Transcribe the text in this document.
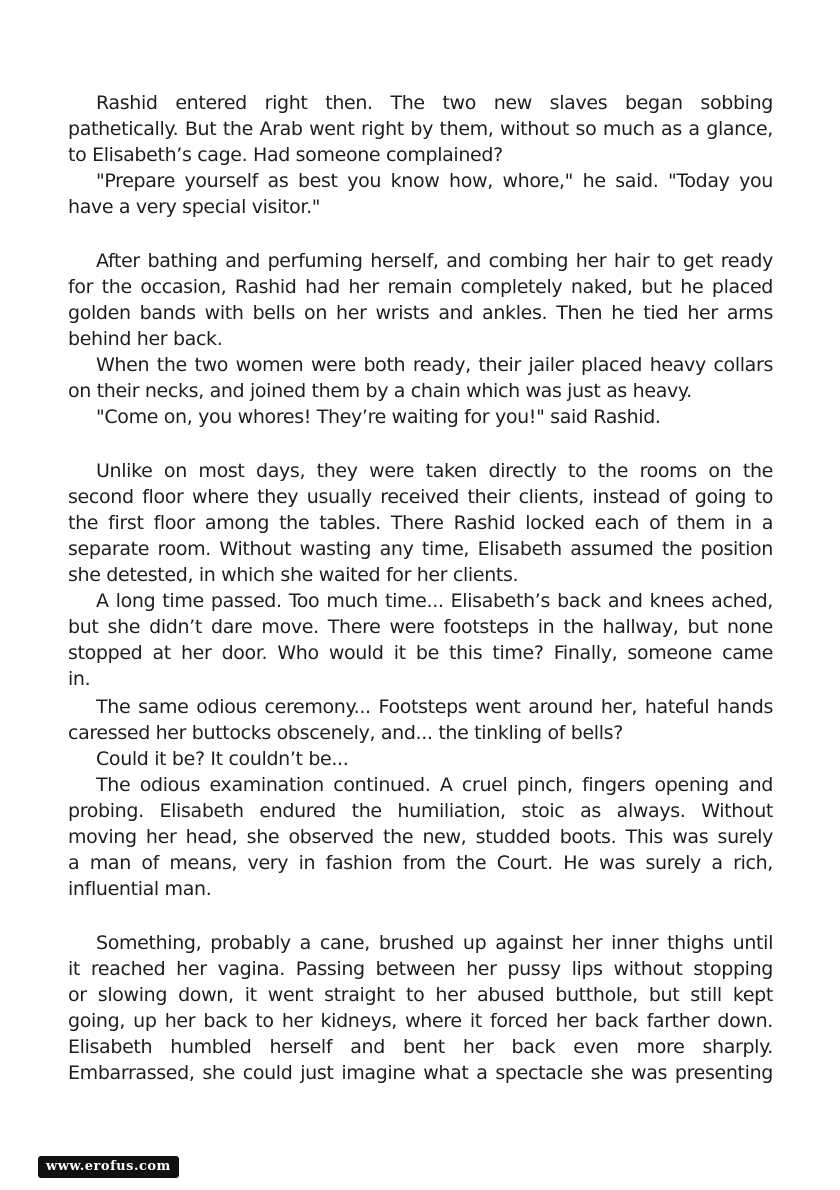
Rashid entered right then. The two new slaves began sobbing
pathetically. But the Arab went right by them, without so much as a glance,
to Elisabeth’s cage. Had someone complained?
"Prepare yourself as best you know how, whore," he said. "Today you
have a very special visitor."
After bathing and perfuming herself, and combing her hair to get ready
for the occasion, Rashid had her remain completely naked, but he placed
golden bands with bells on her wrists and ankles. Then he tied her arms
behind her back.
When the two women were both ready, their jailer placed heavy collars
on their necks, and joined them by a chain which was just as heavy.
"Come on, you whores! They’re waiting for you!" said Rashid.
Unlike on most days, they were taken directly to the rooms on the
second floor where they usually received their clients, instead of going to
the first floor among the tables. There Rashid locked each of them in a
separate room. Without wasting any time, Elisabeth assumed the position
she detested, in which she waited for her clients.
A long time passed. Too much time... Elisabeth’s back and knees ached,
but she didn’t dare move. There were footsteps in the hallway, but none
stopped at her door. Who would it be this time? Finally, someone came
in.
The same odious ceremony... Footsteps went around her, hateful hands
caressed her buttocks obscenely, and... the tinkling of bells?
Could it be? It couldn’t be...
The odious examination continued. A cruel pinch, fingers opening and
probing. Elisabeth endured the humiliation, stoic as always. Without
moving her head, she observed the new, studded boots. This was surely
a man of means, very in fashion from the Court. He was surely a rich,
influential man.
Something, probably a cane, brushed up against her inner thighs until
it reached her vagina. Passing between her pussy lips without stopping
or slowing down, it went straight to her abused butthole, but still kept
going, up her back to her kidneys, where it forced her back farther down.
Elisabeth humbled herself and bent her back even more sharply.
Embarrassed, she could just imagine what a spectacle she was presenting
www.erofus.com
